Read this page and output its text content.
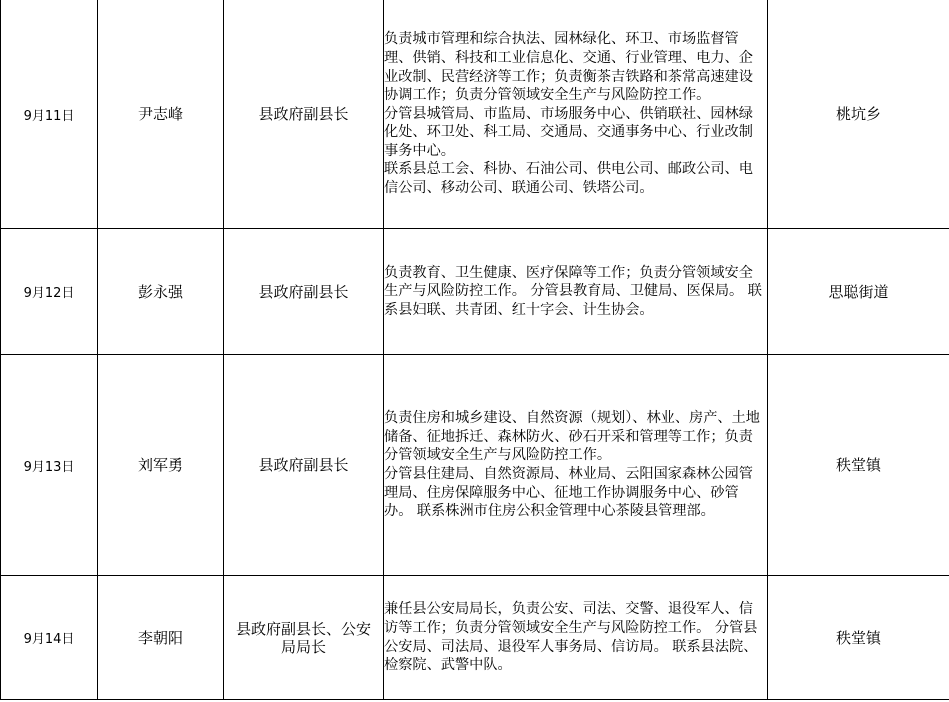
9月11日	尹志峰	县政府副县长	负责城市管理和综合执法、园林绿化、环卫、市场监督管理、供销、科技和工业信息化、交通、行业管理、电力、企业改制、民营经济等工作；负责衡茶吉铁路和茶常高速建设协调工作；负责分管领域安全生产与风险防控工作。

分管县城管局、市监局、市场服务中心、供销联社、园林绿化处、环卫处、科工局、交通局、交通事务中心、行业改制事务中心。

联系县总工会、科协、石油公司、供电公司、邮政公司、电信公司、移动公司、联通公司、铁塔公司。	桃坑乡
9月12日	彭永强	县政府副县长	负责教育、卫生健康、医疗保障等工作；负责分管领域安全生产与风险防控工作。 分管县教育局、卫健局、医保局。 联系县妇联、共青团、红十字会、计生协会。	思聪街道
9月13日	刘军勇	县政府副县长	负责住房和城乡建设、自然资源（规划）、林业、房产、土地储备、征地拆迁、森林防火、砂石开采和管理等工作；负责分管领域安全生产与风险防控工作。

分管县住建局、自然资源局、林业局、云阳国家森林公园管理局、住房保障服务中心、征地工作协调服务中心、砂管办。 联系株洲市住房公积金管理中心茶陵县管理部。	秩堂镇
9月14日	李朝阳	县政府副县长、公安局局长	兼任县公安局局长，负责公安、司法、交警、退役军人、信访等工作；负责分管领域安全生产与风险防控工作。 分管县公安局、司法局、退役军人事务局、信访局。 联系县法院、检察院、武警中队。	秩堂镇
